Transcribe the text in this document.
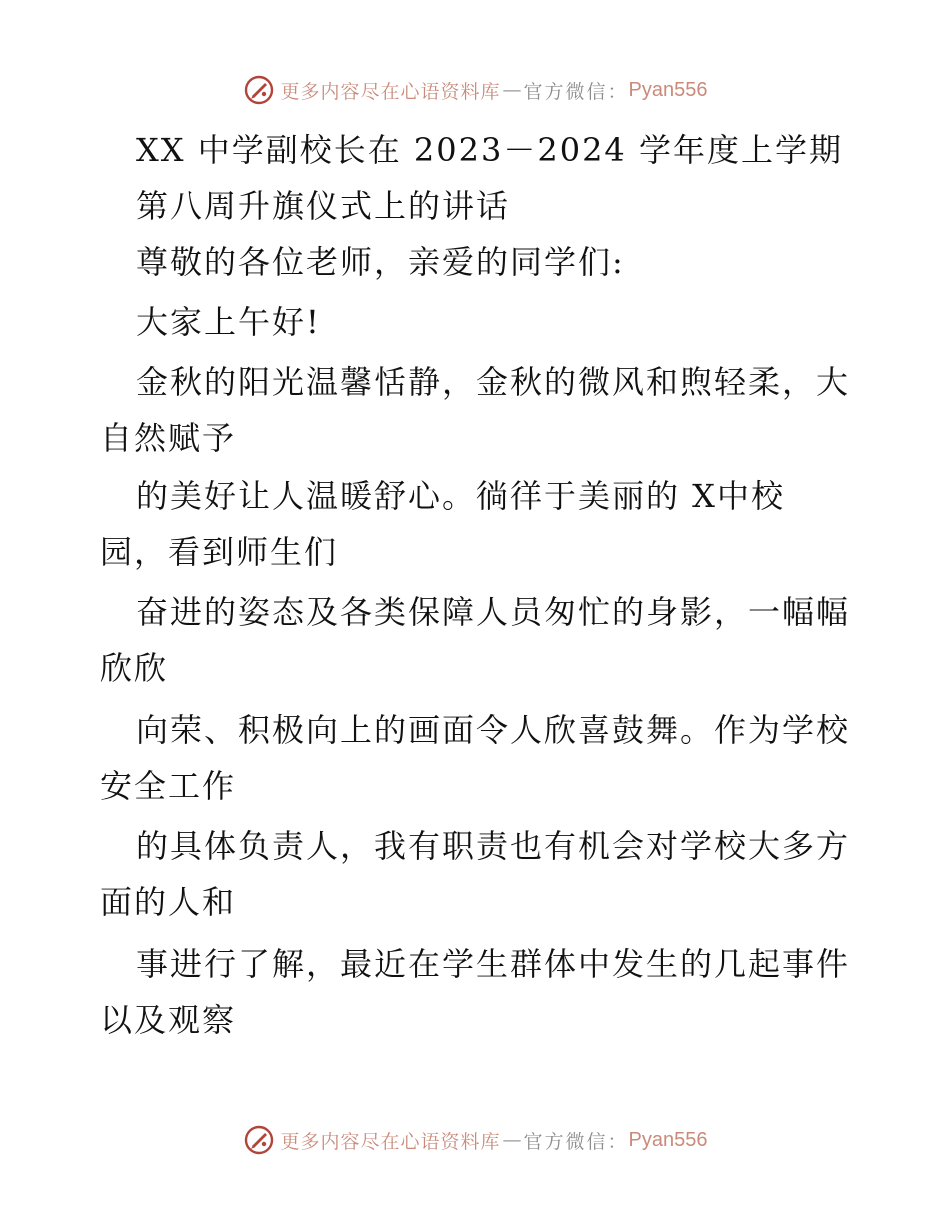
更多内容尽在心语资料库 — 官方微信： Pyan556
XX 中学副校长在 2023－2024 学年度上学期
第八周升旗仪式上的讲话
尊敬的各位老师，亲爱的同学们:
大家上午好!
金秋的阳光温馨恬静，金秋的微风和煦轻柔，大
自然赋予
的美好让人温暖舒心。徜徉于美丽的 X中校
园，看到师生们
奋进的姿态及各类保障人员匆忙的身影，一幅幅
欣欣
向荣、积极向上的画面令人欣喜鼓舞。作为学校
安全工作
的具体负责人，我有职责也有机会对学校大多方
面的人和
事进行了解，最近在学生群体中发生的几起事件
以及观察
更多内容尽在心语资料库 — 官方微信： Pyan556
